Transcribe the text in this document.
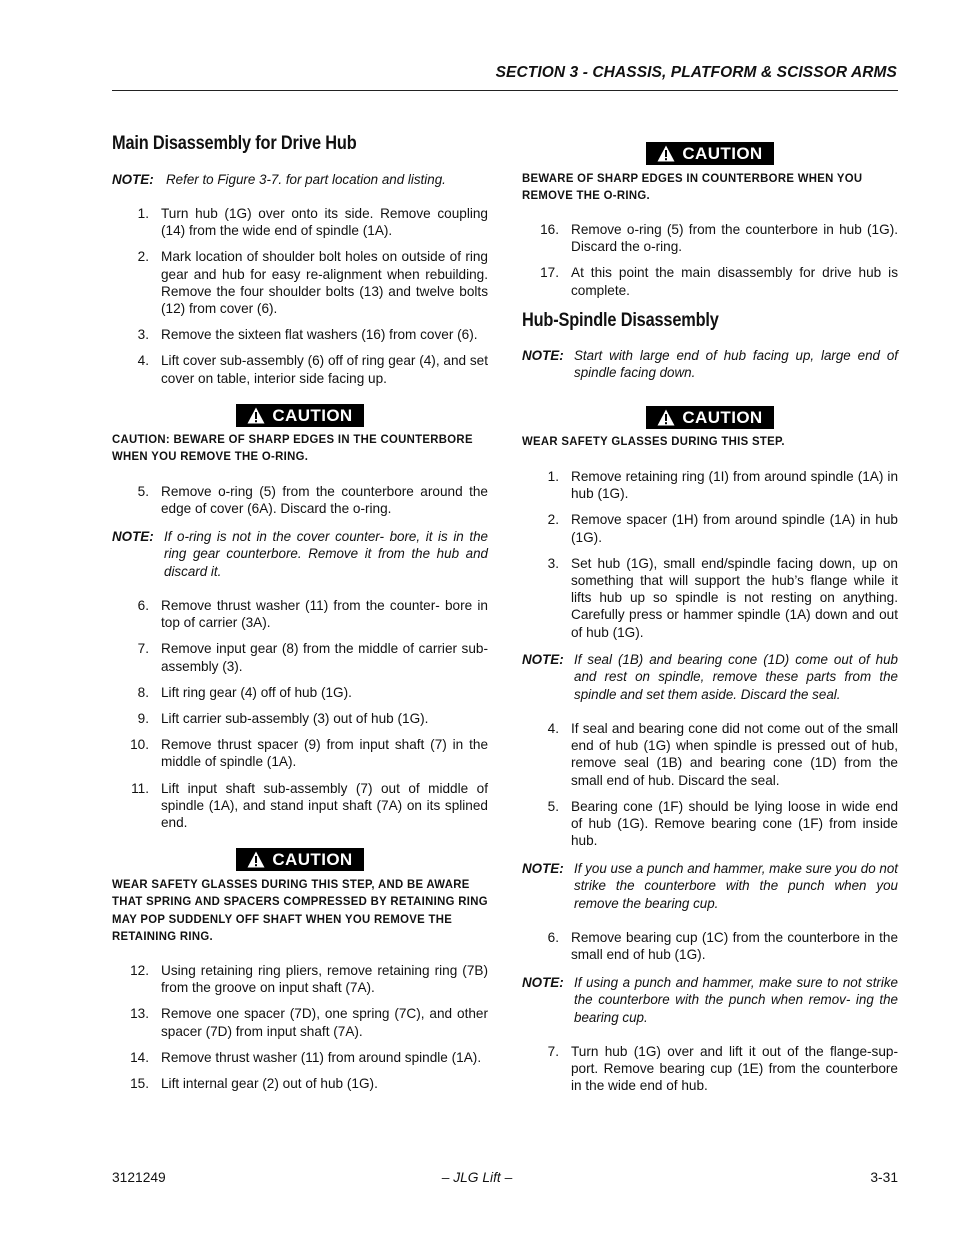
SECTION 3 - CHASSIS, PLATFORM & SCISSOR ARMS
Main Disassembly for Drive Hub
NOTE: Refer to Figure 3-7. for part location and listing.
1. Turn hub (1G) over onto its side. Remove coupling (14) from the wide end of spindle (1A).
2. Mark location of shoulder bolt holes on outside of ring gear and hub for easy re-alignment when rebuilding. Remove the four shoulder bolts (13) and twelve bolts (12) from cover (6).
3. Remove the sixteen flat washers (16) from cover (6).
4. Lift cover sub-assembly (6) off of ring gear (4), and set cover on table, interior side facing up.
CAUTION
CAUTION: BEWARE OF SHARP EDGES IN THE COUNTERBORE WHEN YOU REMOVE THE O-RING.
5. Remove o-ring (5) from the counterbore around the edge of cover (6A). Discard the o-ring.
NOTE: If o-ring is not in the cover counter- bore, it is in the ring gear counterbore. Remove it from the hub and discard it.
6. Remove thrust washer (11) from the counter- bore in top of carrier (3A).
7. Remove input gear (8) from the middle of carrier sub-assembly (3).
8. Lift ring gear (4) off of hub (1G).
9. Lift carrier sub-assembly (3) out of hub (1G).
10. Remove thrust spacer (9) from input shaft (7) in the middle of spindle (1A).
11. Lift input shaft sub-assembly (7) out of middle of spindle (1A), and stand input shaft (7A) on its splined end.
CAUTION
WEAR SAFETY GLASSES DURING THIS STEP, AND BE AWARE THAT SPRING AND SPACERS COMPRESSED BY RETAINING RING MAY POP SUDDENLY OFF SHAFT WHEN YOU REMOVE THE RETAINING RING.
12. Using retaining ring pliers, remove retaining ring (7B) from the groove on input shaft (7A).
13. Remove one spacer (7D), one spring (7C), and other spacer (7D) from input shaft (7A).
14. Remove thrust washer (11) from around spindle (1A).
15. Lift internal gear (2) out of hub (1G).
CAUTION
BEWARE OF SHARP EDGES IN COUNTERBORE WHEN YOU REMOVE THE O-RING.
16. Remove o-ring (5) from the counterbore in hub (1G). Discard the o-ring.
17. At this point the main disassembly for drive hub is complete.
Hub-Spindle Disassembly
NOTE: Start with large end of hub facing up, large end of spindle facing down.
CAUTION
WEAR SAFETY GLASSES DURING THIS STEP.
1. Remove retaining ring (1I) from around spindle (1A) in hub (1G).
2. Remove spacer (1H) from around spindle (1A) in hub (1G).
3. Set hub (1G), small end/spindle facing down, up on something that will support the hub’s flange while it lifts hub up so spindle is not resting on anything. Carefully press or hammer spindle (1A) down and out of hub (1G).
NOTE: If seal (1B) and bearing cone (1D) come out of hub and rest on spindle, remove these parts from the spindle and set them aside. Discard the seal.
4. If seal and bearing cone did not come out of the small end of hub (1G) when spindle is pressed out of hub, remove seal (1B) and bearing cone (1D) from the small end of hub. Discard the seal.
5. Bearing cone (1F) should be lying loose in wide end of hub (1G). Remove bearing cone (1F) from inside hub.
NOTE: If you use a punch and hammer, make sure you do not strike the counterbore with the punch when you remove the bearing cup.
6. Remove bearing cup (1C) from the counterbore in the small end of hub (1G).
NOTE: If using a punch and hammer, make sure to not strike the counterbore with the punch when remov- ing the bearing cup.
7. Turn hub (1G) over and lift it out of the flange-sup- port. Remove bearing cup (1E) from the counterbore in the wide end of hub.
3121249	– JLG Lift –	3-31
